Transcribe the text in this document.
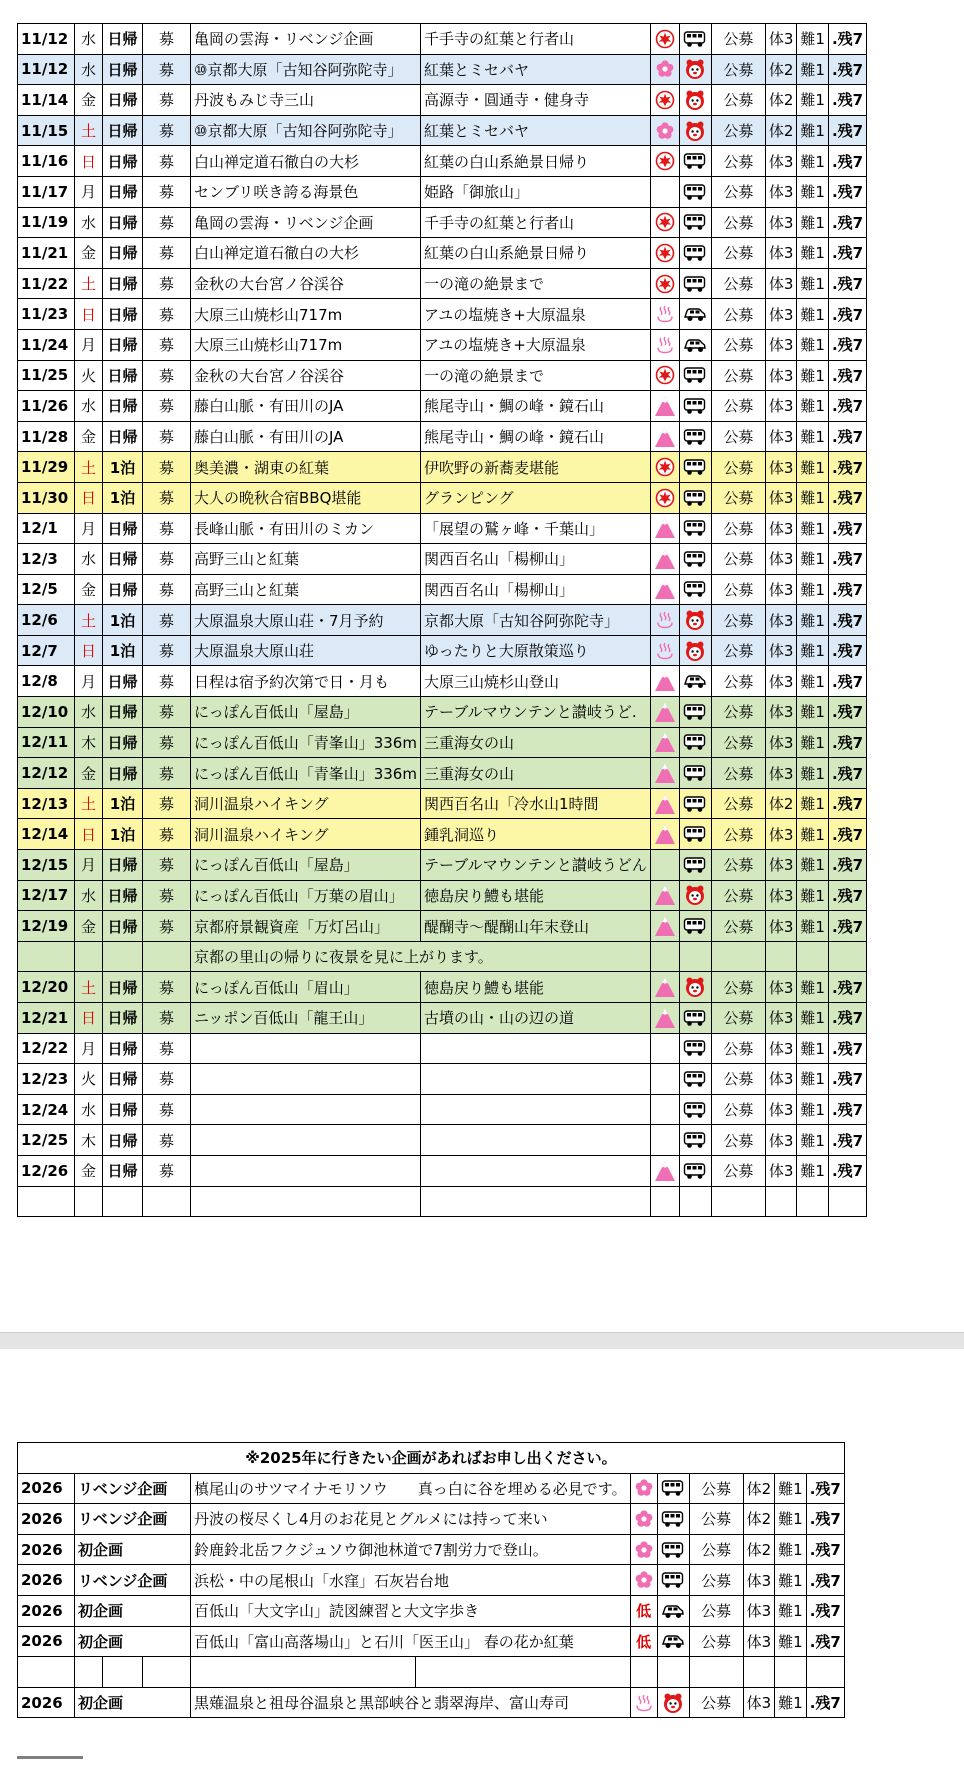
11/12	水	日帰	募	亀岡の雲海・リベンジ企画	千手寺の紅葉と行者山			公募	体3	難1	.残7
11/12	水	日帰	募	⑩京都大原「古知谷阿弥陀寺」	紅葉とミセバヤ			公募	体2	難1	.残7
11/14	金	日帰	募	丹波もみじ寺三山	高源寺・圓通寺・健身寺			公募	体2	難1	.残7
11/15	土	日帰	募	⑩京都大原「古知谷阿弥陀寺」	紅葉とミセバヤ			公募	体2	難1	.残7
11/16	日	日帰	募	白山禅定道石徹白の大杉	紅葉の白山系絶景日帰り			公募	体3	難1	.残7
11/17	月	日帰	募	センブリ咲き誇る海景色	姫路「御旅山」			公募	体3	難1	.残7
11/19	水	日帰	募	亀岡の雲海・リベンジ企画	千手寺の紅葉と行者山			公募	体3	難1	.残7
11/21	金	日帰	募	白山禅定道石徹白の大杉	紅葉の白山系絶景日帰り			公募	体3	難1	.残7
11/22	土	日帰	募	金秋の大台宮ノ谷渓谷	一の滝の絶景まで			公募	体3	難1	.残7
11/23	日	日帰	募	大原三山焼杉山717m	アユの塩焼き+大原温泉			公募	体3	難1	.残7
11/24	月	日帰	募	大原三山焼杉山717m	アユの塩焼き+大原温泉			公募	体3	難1	.残7
11/25	火	日帰	募	金秋の大台宮ノ谷渓谷	一の滝の絶景まで			公募	体3	難1	.残7
11/26	水	日帰	募	藤白山脈・有田川のJA	熊尾寺山・鯛の峰・鏡石山			公募	体3	難1	.残7
11/28	金	日帰	募	藤白山脈・有田川のJA	熊尾寺山・鯛の峰・鏡石山			公募	体3	難1	.残7
11/29	土	1泊	募	奥美濃・湖東の紅葉	伊吹野の新蕎麦堪能			公募	体3	難1	.残7
11/30	日	1泊	募	大人の晩秋合宿BBQ堪能	グランピング			公募	体3	難1	.残7
12/1	月	日帰	募	長峰山脈・有田川のミカン	「展望の鷲ヶ峰・千葉山」			公募	体3	難1	.残7
12/3	水	日帰	募	高野三山と紅葉	関西百名山「楊柳山」			公募	体3	難1	.残7
12/5	金	日帰	募	高野三山と紅葉	関西百名山「楊柳山」			公募	体3	難1	.残7
12/6	土	1泊	募	大原温泉大原山荘・7月予約	京都大原「古知谷阿弥陀寺」			公募	体3	難1	.残7
12/7	日	1泊	募	大原温泉大原山荘	ゆったりと大原散策巡り			公募	体3	難1	.残7
12/8	月	日帰	募	日程は宿予約次第で日・月も	大原三山焼杉山登山			公募	体3	難1	.残7
12/10	水	日帰	募	にっぽん百低山「屋島」	テーブルマウンテンと讃岐うど.			公募	体3	難1	.残7
12/11	木	日帰	募	にっぽん百低山「青峯山」336m	三重海女の山			公募	体3	難1	.残7
12/12	金	日帰	募	にっぽん百低山「青峯山」336m	三重海女の山			公募	体3	難1	.残7
12/13	土	1泊	募	洞川温泉ハイキング	関西百名山「冷水山1時間			公募	体2	難1	.残7
12/14	日	1泊	募	洞川温泉ハイキング	鍾乳洞巡り			公募	体3	難1	.残7
12/15	月	日帰	募	にっぽん百低山「屋島」	テーブルマウンテンと讃岐うどん			公募	体3	難1	.残7
12/17	水	日帰	募	にっぽん百低山「万葉の眉山」	徳島戻り鱧も堪能			公募	体3	難1	.残7
12/19	金	日帰	募	京都府景観資産「万灯呂山」	醍醐寺～醍醐山年末登山			公募	体3	難1	.残7
				京都の里山の帰りに夜景を見に上がります。							
12/20	土	日帰	募	にっぽん百低山「眉山」	徳島戻り鱧も堪能			公募	体3	難1	.残7
12/21	日	日帰	募	ニッポン百低山「龍王山」	古墳の山・山の辺の道			公募	体3	難1	.残7
12/22	月	日帰	募					公募	体3	難1	.残7
12/23	火	日帰	募					公募	体3	難1	.残7
12/24	水	日帰	募					公募	体3	難1	.残7
12/25	木	日帰	募					公募	体3	難1	.残7
12/26	金	日帰	募					公募	体3	難1	.残7

※2025年に行きたい企画があればお申し出ください。											
2026	リベンジ企画			槙尾山のサツマイナモリソウ　　真っ白に谷を埋める必見です。				公募	体2	難1	.残7
2026	リベンジ企画			丹波の桜尽くし4月のお花見とグルメには持って来い				公募	体2	難1	.残7
2026	初企画			鈴鹿鈴北岳フクジュソウ御池林道で7割労力で登山。				公募	体2	難1	.残7
2026	リベンジ企画			浜松・中の尾根山「水窪」石灰岩台地				公募	体3	難1	.残7
2026	初企画			百低山「大文字山」読図練習と大文字歩き		低		公募	体3	難1	.残7
2026	初企画			百低山「富山高落場山」と石川「医王山」 春の花か紅葉		低		公募	体3	難1	.残7

2026	初企画			黒薙温泉と祖母谷温泉と黒部峡谷と翡翠海岸、富山寿司				公募	体3	難1	.残7
